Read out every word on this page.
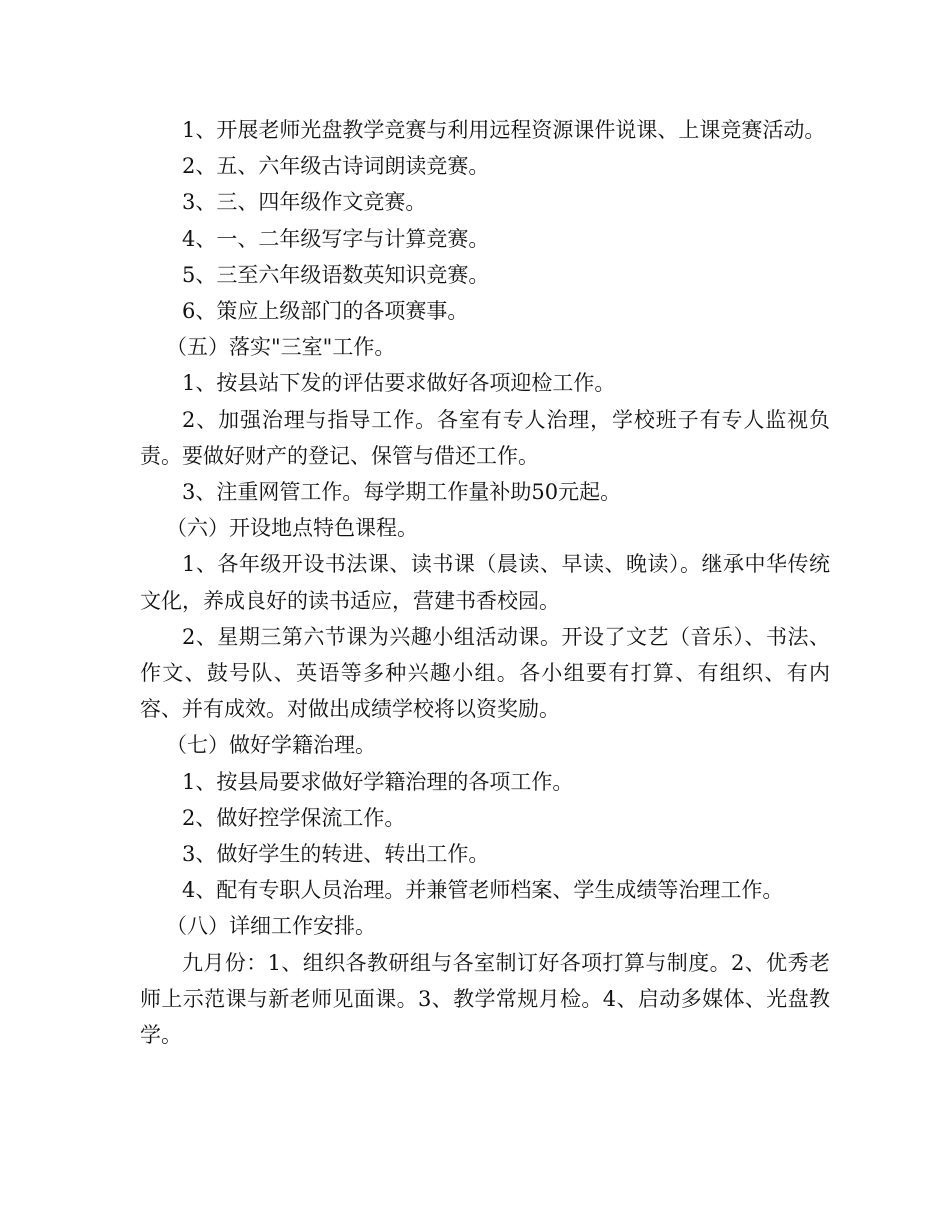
1、开展老师光盘教学竞赛与利用远程资源课件说课、上课竞赛活动。

2、五、六年级古诗词朗读竞赛。

3、三、四年级作文竞赛。

4、一、二年级写字与计算竞赛。

5、三至六年级语数英知识竞赛。

6、策应上级部门的各项赛事。

（五）落实"三室"工作。

1、按县站下发的评估要求做好各项迎检工作。

2、加强治理与指导工作。各室有专人治理，学校班子有专人监视负责。要做好财产的登记、保管与借还工作。

3、注重网管工作。每学期工作量补助50元起。

（六）开设地点特色课程。

1、各年级开设书法课、读书课（晨读、早读、晚读）。继承中华传统文化，养成良好的读书适应，营建书香校园。

2、星期三第六节课为兴趣小组活动课。开设了文艺（音乐）、书法、作文、鼓号队、英语等多种兴趣小组。各小组要有打算、有组织、有内容、并有成效。对做出成绩学校将以资奖励。

（七）做好学籍治理。

1、按县局要求做好学籍治理的各项工作。

2、做好控学保流工作。

3、做好学生的转进、转出工作。

4、配有专职人员治理。并兼管老师档案、学生成绩等治理工作。

（八）详细工作安排。

九月份：1、组织各教研组与各室制订好各项打算与制度。2、优秀老师上示范课与新老师见面课。3、教学常规月检。4、启动多媒体、光盘教学。
